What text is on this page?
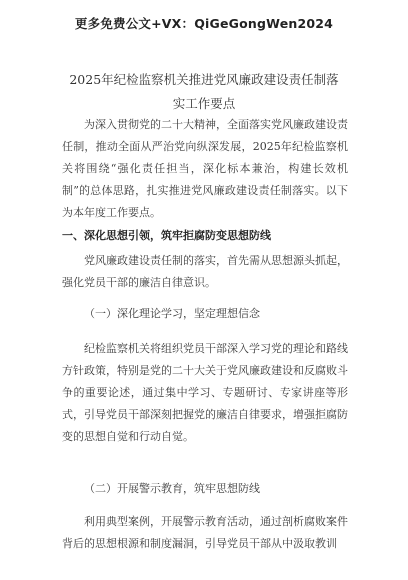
更多免费公文+VX：QiGeGongWen2024
2025年纪检监察机关推进党风廉政建设责任制落实工作要点

为深入贯彻党的二十大精神，全面落实党风廉政建设责任制，推动全面从严治党向纵深发展，2025年纪检监察机关将围绕“强化责任担当，深化标本兼治，构建长效机制”的总体思路，扎实推进党风廉政建设责任制落实。以下为本年度工作要点。

一、深化思想引领，筑牢拒腐防变思想防线

党风廉政建设责任制的落实，首先需从思想源头抓起，强化党员干部的廉洁自律意识。

（一）深化理论学习，坚定理想信念

纪检监察机关将组织党员干部深入学习党的理论和路线方针政策，特别是党的二十大关于党风廉政建设和反腐败斗争的重要论述，通过集中学习、专题研讨、专家讲座等形式，引导党员干部深刻把握党的廉洁自律要求，增强拒腐防变的思想自觉和行动自觉。

（二）开展警示教育，筑牢思想防线

利用典型案例，开展警示教育活动，通过剖析腐败案件背后的思想根源和制度漏洞，引导党员干部从中汲取教训
